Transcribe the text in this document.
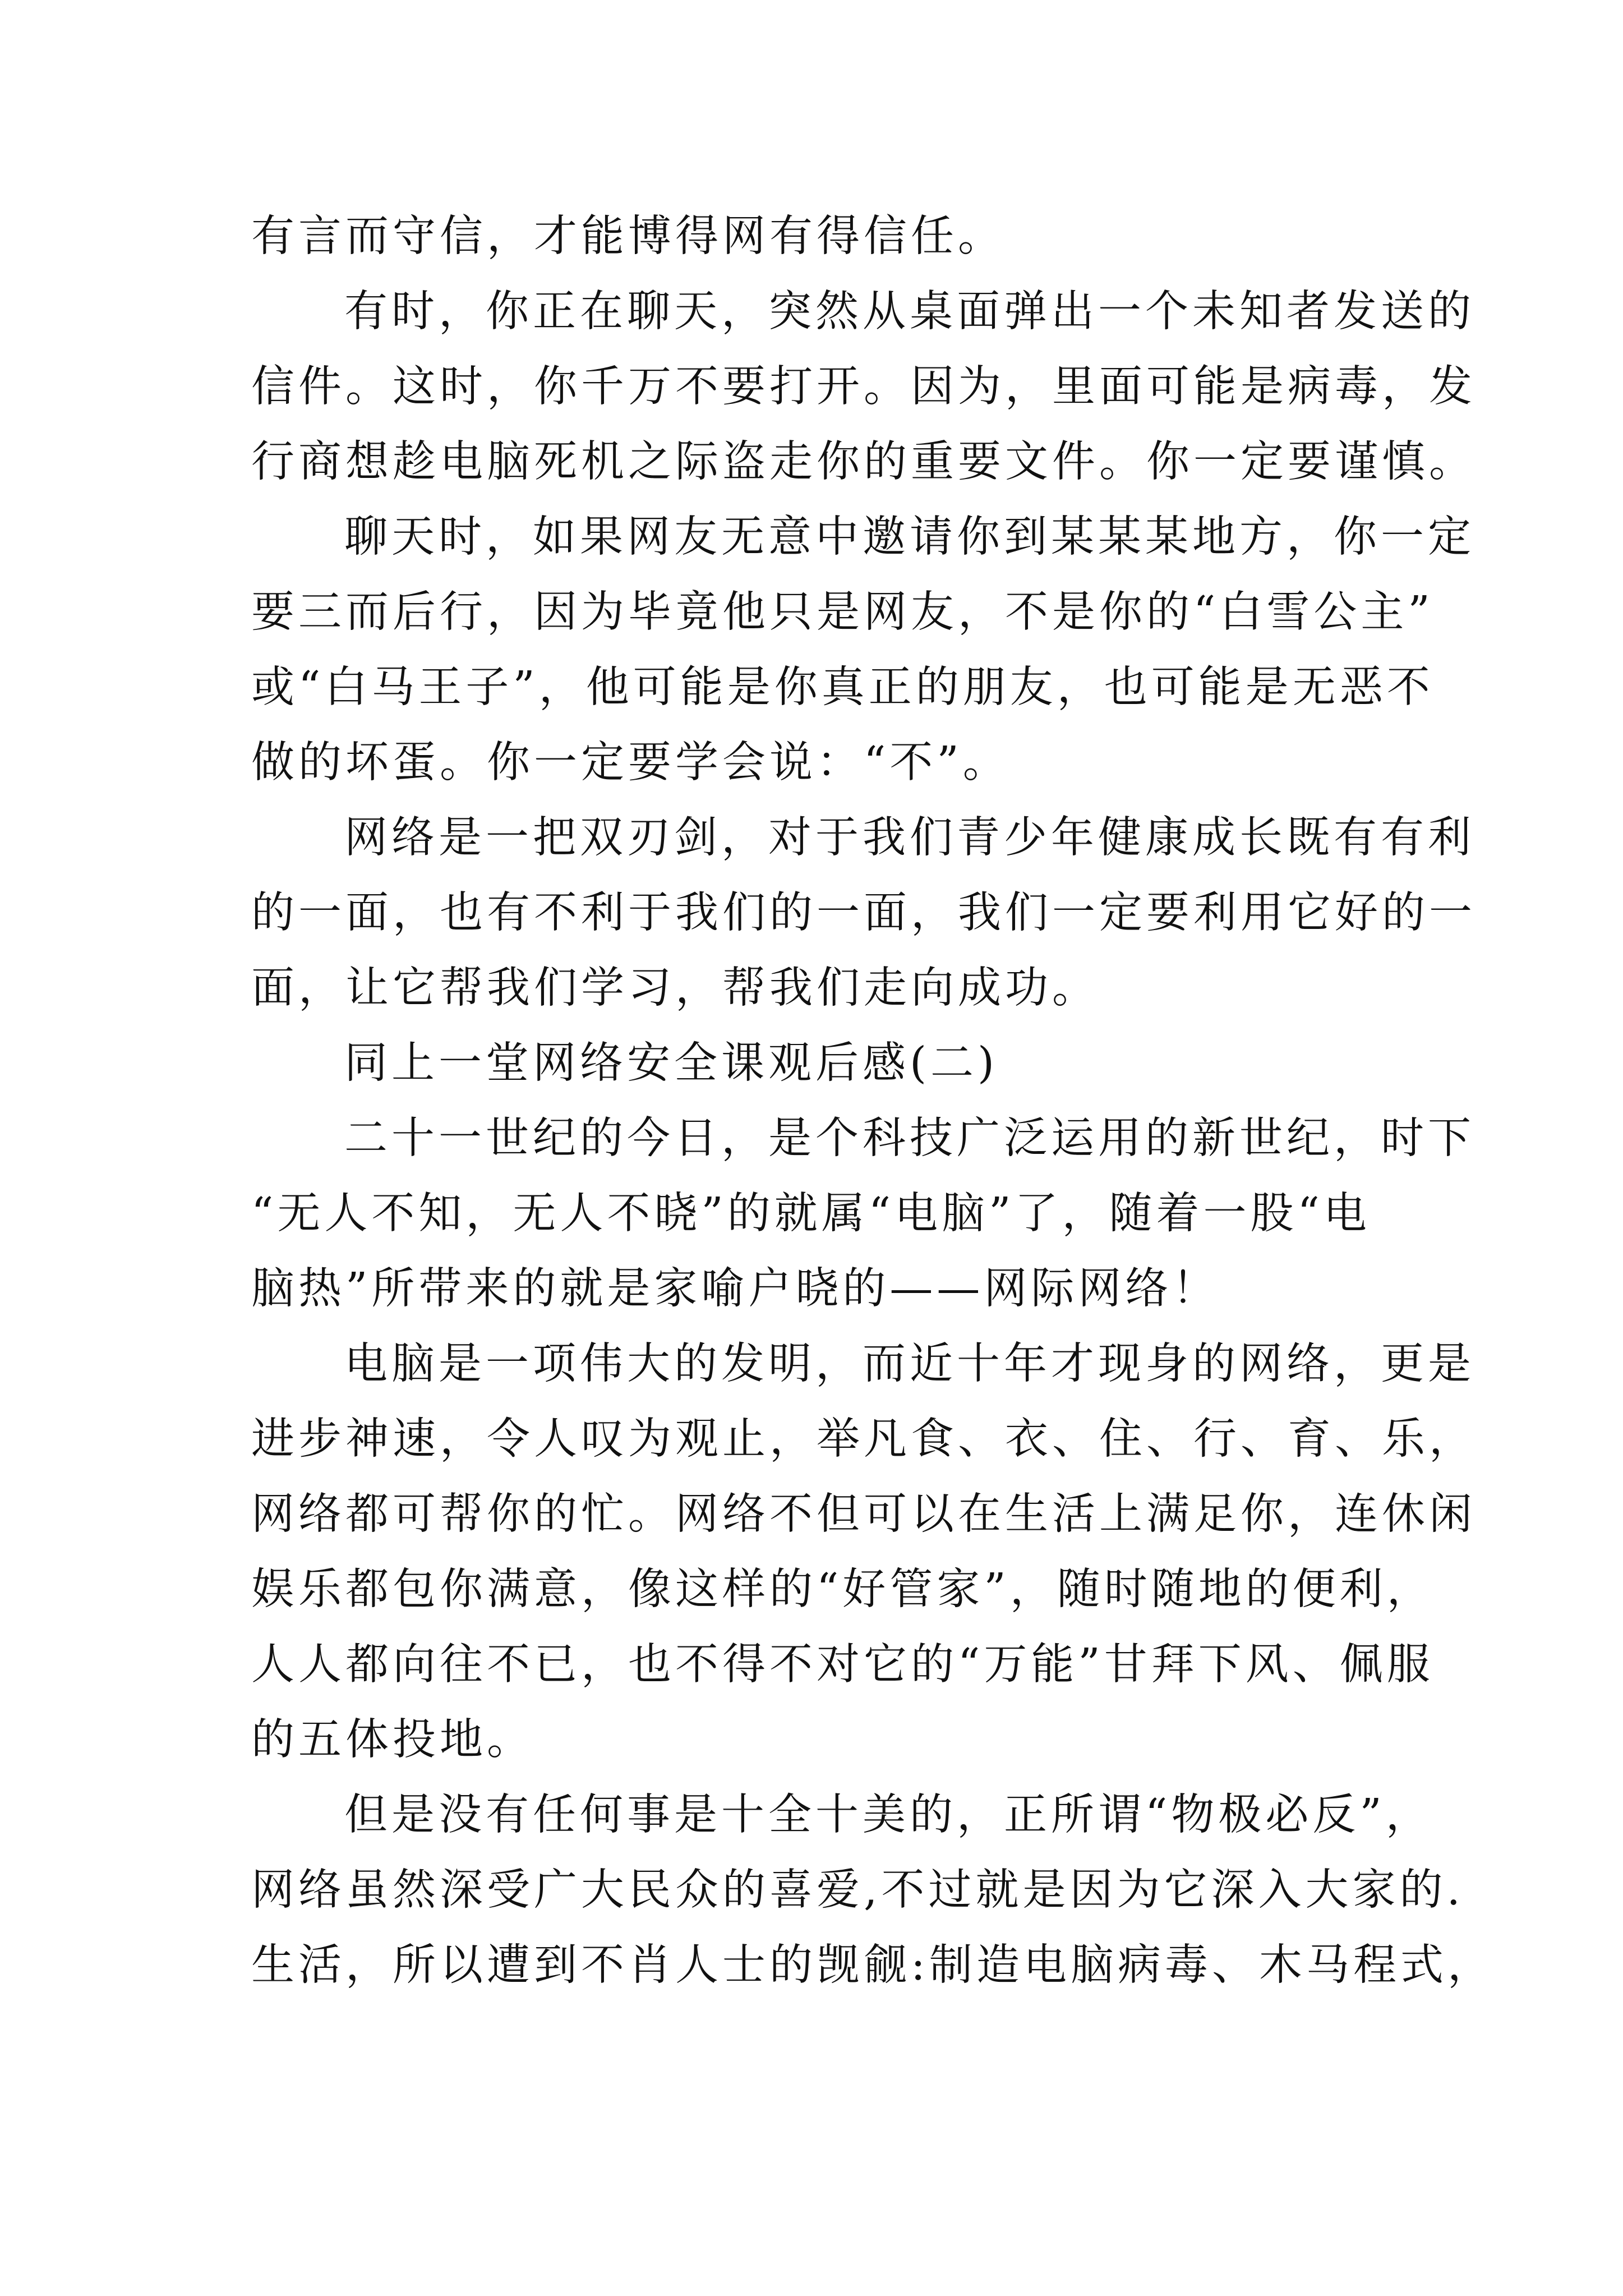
有言而守信，才能博得网有得信任。
有时，你正在聊天，突然从桌面弹出一个未知者发送的
信件。这时，你千万不要打开。因为，里面可能是病毒，发
行商想趁电脑死机之际盗走你的重要文件。你一定要谨慎。
聊天时，如果网友无意中邀请你到某某某地方，你一定
要三而后行，因为毕竟他只是网友，不是你的“白雪公主”
或“白马王子”，他可能是你真正的朋友，也可能是无恶不
做的坏蛋。你一定要学会说：“不”。
网络是一把双刃剑，对于我们青少年健康成长既有有利
的一面，也有不利于我们的一面，我们一定要利用它好的一
面，让它帮我们学习，帮我们走向成功。
同上一堂网络安全课观后感(二)
二十一世纪的今日，是个科技广泛运用的新世纪，时下
“无人不知，无人不晓”的就属“电脑”了，随着一股“电
脑热”所带来的就是家喻户晓的——网际网络！
电脑是一项伟大的发明，而近十年才现身的网络，更是
进步神速，令人叹为观止，举凡食、衣、住、行、育、乐，
网络都可帮你的忙。网络不但可以在生活上满足你，连休闲
娱乐都包你满意，像这样的“好管家”，随时随地的便利，
人人都向往不已，也不得不对它的“万能”甘拜下风、佩服
的五体投地。
但是没有任何事是十全十美的，正所谓“物极必反”，
网络虽然深受广大民众的喜爱,不过就是因为它深入大家的.
生活，所以遭到不肖人士的觊觎:制造电脑病毒、木马程式，
